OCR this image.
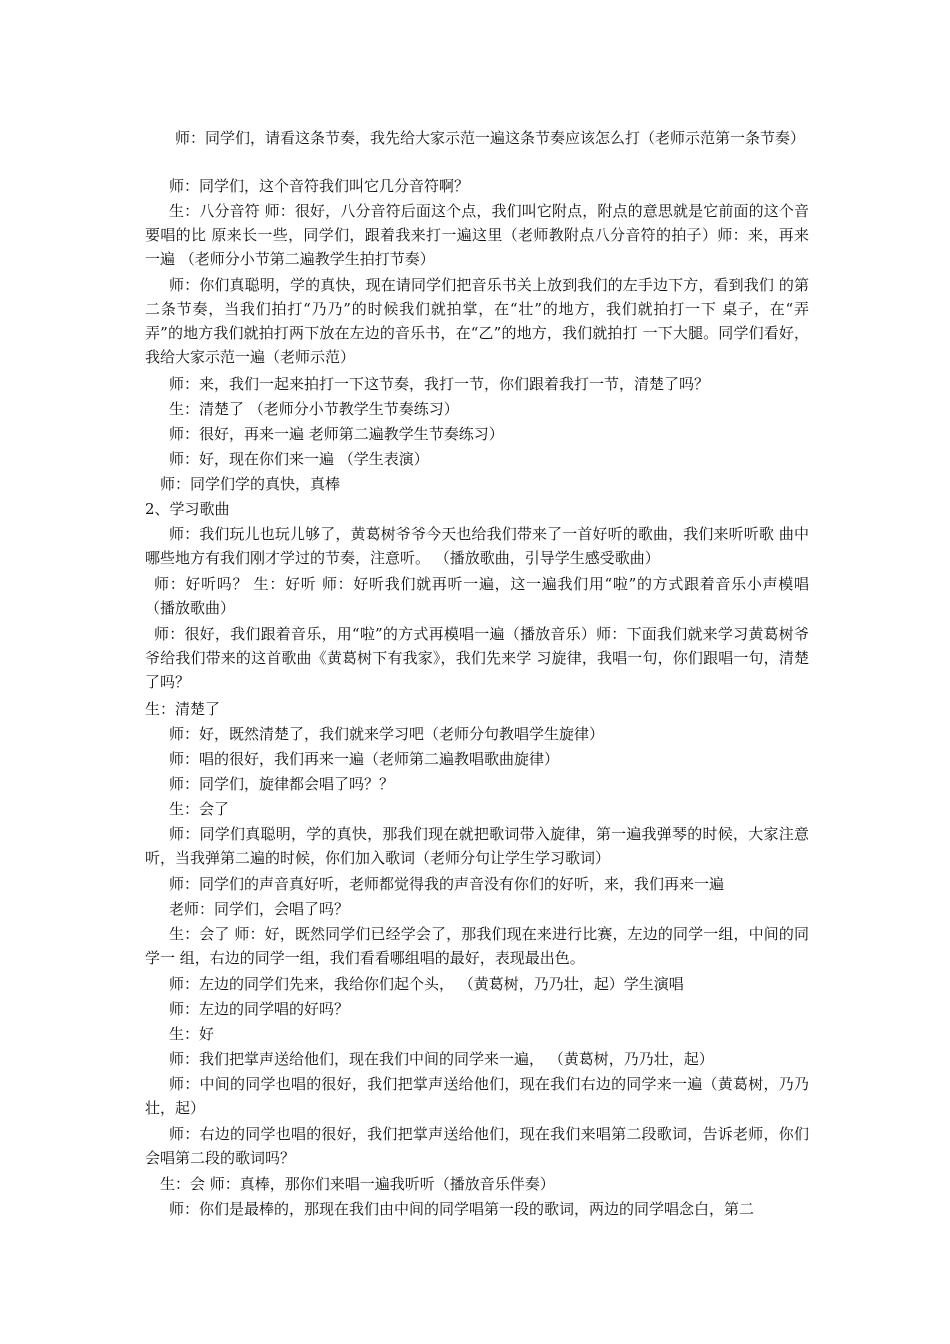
师：同学们，请看这条节奏，我先给大家示范一遍这条节奏应该怎么打（老师示范第一条节奏）

师：同学们，这个音符我们叫它几分音符啊？

生：八分音符 师：很好，八分音符后面这个点，我们叫它附点，附点的意思就是它前面的这个音要唱的比 原来长一些，同学们，跟着我来打一遍这里（老师教附点八分音符的拍子）师：来，再来一遍 （老师分小节第二遍教学生拍打节奏）

师：你们真聪明，学的真快，现在请同学们把音乐书关上放到我们的左手边下方，看到我们 的第二条节奏，当我们拍打“乃乃”的时候我们就拍掌，在“壮”的地方，我们就拍打一下 桌子，在“弄弄”的地方我们就拍打两下放在左边的音乐书，在“乙”的地方，我们就拍打 一下大腿。同学们看好，我给大家示范一遍（老师示范）

师：来，我们一起来拍打一下这节奏，我打一节，你们跟着我打一节，清楚了吗？

生：清楚了 （老师分小节教学生节奏练习）

师：很好，再来一遍 老师第二遍教学生节奏练习）

师：好，现在你们来一遍 （学生表演）

师：同学们学的真快，真棒

2、学习歌曲

师：我们玩儿也玩儿够了，黄葛树爷爷今天也给我们带来了一首好听的歌曲，我们来听听歌 曲中哪些地方有我们刚才学过的节奏，注意听。 （播放歌曲，引导学生感受歌曲）

师：好听吗？ 生：好听 师：好听我们就再听一遍，这一遍我们用“啦”的方式跟着音乐小声模唱 （播放歌曲）

师：很好，我们跟着音乐，用“啦”的方式再模唱一遍（播放音乐）师：下面我们就来学习黄葛树爷爷给我们带来的这首歌曲《黄葛树下有我家》，我们先来学 习旋律，我唱一句，你们跟唱一句，清楚了吗？

生：清楚了

师：好，既然清楚了，我们就来学习吧（老师分句教唱学生旋律）

师：唱的很好，我们再来一遍（老师第二遍教唱歌曲旋律）

师：同学们，旋律都会唱了吗？？

生：会了

师：同学们真聪明，学的真快，那我们现在就把歌词带入旋律，第一遍我弹琴的时候，大家注意听，当我弹第二遍的时候，你们加入歌词（老师分句让学生学习歌词）

师：同学们的声音真好听，老师都觉得我的声音没有你们的好听，来，我们再来一遍

老师：同学们，会唱了吗？

生：会了 师：好，既然同学们已经学会了，那我们现在来进行比赛，左边的同学一组，中间的同学一 组，右边的同学一组，我们看看哪组唱的最好，表现最出色。

师：左边的同学们先来，我给你们起个头， （黄葛树，乃乃壮，起）学生演唱

师：左边的同学唱的好吗？

生：好

师：我们把掌声送给他们，现在我们中间的同学来一遍， （黄葛树，乃乃壮，起）

师：中间的同学也唱的很好，我们把掌声送给他们，现在我们右边的同学来一遍（黄葛树，乃乃壮，起）

师：右边的同学也唱的很好，我们把掌声送给他们，现在我们来唱第二段歌词，告诉老师，你们会唱第二段的歌词吗？

生：会 师：真棒，那你们来唱一遍我听听（播放音乐伴奏）

师：你们是最棒的，那现在我们由中间的同学唱第一段的歌词，两边的同学唱念白，第二
